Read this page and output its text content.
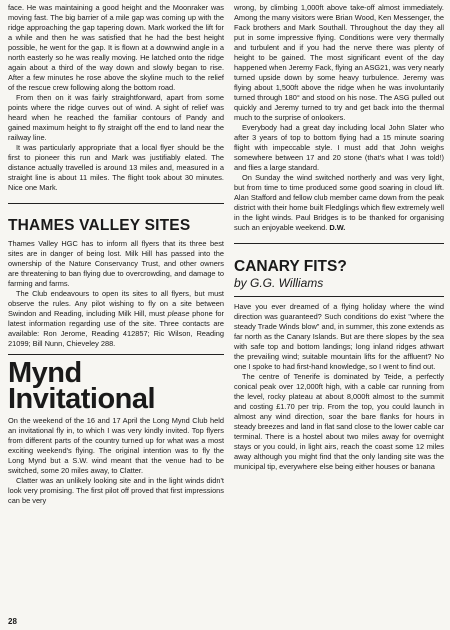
face. He was maintaining a good height and the Moonraker was moving fast. The big barrier of a mile gap was coming up with the ridge approaching the gap tapering down. Mark worked the lift for a while and then he was satisfied that he had the best height possible, he went for the gap. It is flown at a downwind angle in a north easterly so he was really moving. He latched onto the ridge again about a third of the way down and slowly began to rise. After a few minutes he rose above the skyline much to the relief of the rescue crew following along the bottom road.

From then on it was fairly straightforward, apart from some points where the ridge curves out of wind. A sight of relief was heard when he reached the familiar contours of Pandy and gained maximum height to fly straight off the end to land near the railway line.

It was particularly appropriate that a local flyer should be the first to pioneer this run and Mark was justifiably elated. The distance actually travelled is around 13 miles and, measured in a straight line is about 11 miles. The flight took about 30 minutes. Nice one Mark.

THAMES VALLEY SITES

Thames Valley HGC has to inform all flyers that its three best sites are in danger of being lost. Milk Hill has passed into the ownership of the Nature Conservancy Trust, and other owners are threatening to ban flying due to overcrowding, and damage to farming and farms.

The Club endeavours to open its sites to all flyers, but must observe the rules. Any pilot wishing to fly on a site between Swindon and Reading, including Milk Hill, must please phone for latest information regarding use of the site. Three contacts are available: Ron Jerome, Reading 412857; Ric Wilson, Reading 21099; Bill Nunn, Chieveley 288.

Mynd
Invitational

On the weekend of the 16 and 17 April the Long Mynd Club held an invitational fly in, to which I was very kindly invited. Top flyers from different parts of the country turned up for what was a most exciting weekend's flying. The original intention was to fly the Long Mynd but a S.W. wind meant that the venue had to be switched, some 20 miles away, to Clatter.

Clatter was an unlikely looking site and in the light winds didn't look very promising. The first pilot off proved that first impressions can be very

wrong, by climbing 1,000ft above take-off almost immediately. Among the many visitors were Brian Wood, Ken Messenger, the Fack brothers and Mark Southall. Throughout the day they all put in some impressive flying. Conditions were very thermally and turbulent and if you had the nerve there was plenty of height to be gained. The most significant event of the day happened when Jeremy Fack, flying an ASG21, was very nearly turned upside down by some heavy turbulence. Jeremy was flying about 1,500ft above the ridge when he was involuntarily turned through 180° and stood on his nose. The ASG pulled out quickly and Jeremy turned to try and get back into the thermal much to the surprise of onlookers.

Everybody had a great day including local John Slater who after 3 years of top to bottom flying had a 15 minute soaring flight with impeccable style. I must add that John weighs somewhere between 17 and 20 stone (that's what I was told!) and flies a large standard.

On Sunday the wind switched northerly and was very light, but from time to time produced some good soaring in cloud lift. Alan Stafford and fellow club member came down from the peak district with their home built Fledglings which flew extremely well in the light winds. Paul Bridges is to be thanked for organising such an enjoyable weekend. D.W.

CANARY FITS?
by G.G. Williams

Have you ever dreamed of a flying holiday where the wind direction was guaranteed? Such conditions do exist "where the steady Trade Winds blow" and, in summer, this zone extends as far north as the Canary Islands. But are there slopes by the sea with safe top and bottom landings; long inland ridges athwart the prevailing wind; suitable mountain lifts for the affluent? No one I spoke to had first-hand knowledge, so I went to find out.

The centre of Tenerife is dominated by Teide, a perfectly conical peak over 12,000ft high, with a cable car running from the level, rocky plateau at about 8,000ft almost to the summit and costing £1.70 per trip. From the top, you could launch in almost any wind direction, soar the bare flanks for hours in steady breezes and land in flat sand close to the lower cable car terminal. There is a hostel about two miles away for overnight stays or you could, in light airs, reach the coast some 12 miles away although you might find that the only landing site was the municipal tip, everywhere else being either houses or banana

28
